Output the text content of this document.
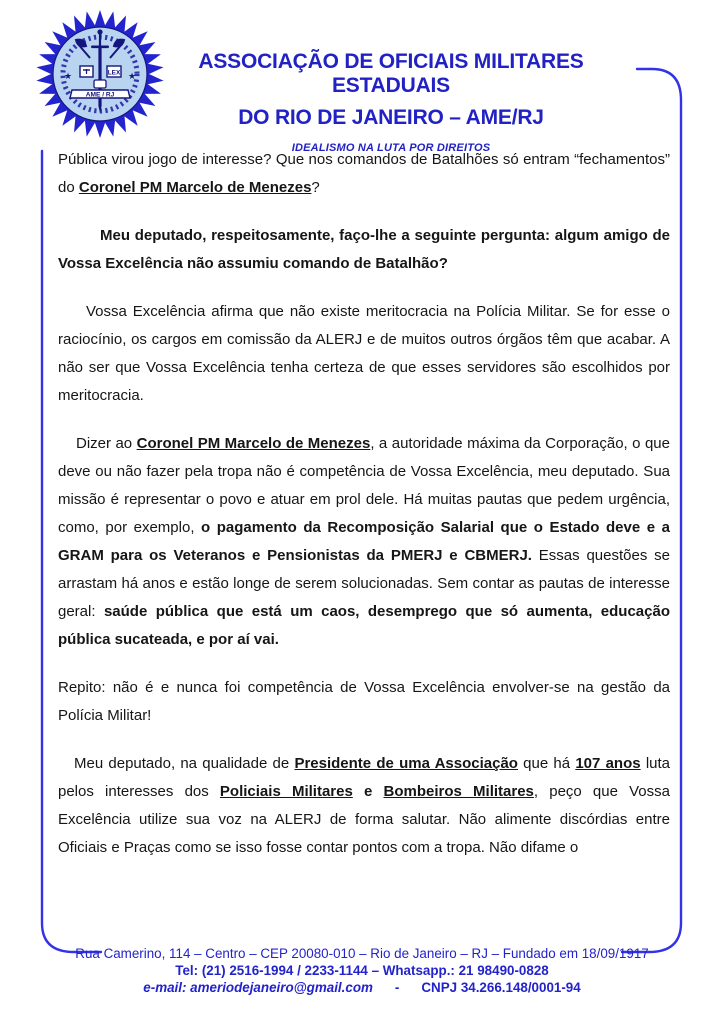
★	★
LEX
AME / RJ
ASSOCIAÇÃO DE OFICIAIS MILITARES ESTADUAIS
DO RIO DE JANEIRO – AME/RJ
IDEALISMO NA LUTA POR DIREITOS

Pública virou jogo de interesse? Que nos comandos de Batalhões só entram “fechamentos” do Coronel PM Marcelo de Menezes?

Meu deputado, respeitosamente, faço-lhe a seguinte pergunta: algum amigo de Vossa Excelência não assumiu comando de Batalhão?

Vossa Excelência afirma que não existe meritocracia na Polícia Militar. Se for esse o raciocínio, os cargos em comissão da ALERJ e de muitos outros órgãos têm que acabar. A não ser que Vossa Excelência tenha certeza de que esses servidores são escolhidos por meritocracia.

Dizer ao Coronel PM Marcelo de Menezes, a autoridade máxima da Corporação, o que deve ou não fazer pela tropa não é competência de Vossa Excelência, meu deputado. Sua missão é representar o povo e atuar em prol dele. Há muitas pautas que pedem urgência, como, por exemplo, o pagamento da Recomposição Salarial que o Estado deve e a GRAM para os Veteranos e Pensionistas da PMERJ e CBMERJ. Essas questões se arrastam há anos e estão longe de serem solucionadas. Sem contar as pautas de interesse geral: saúde pública que está um caos, desemprego que só aumenta, educação pública sucateada, e por aí vai.

Repito: não é e nunca foi competência de Vossa Excelência envolver-se na gestão da Polícia Militar!

Meu deputado, na qualidade de Presidente de uma Associação que há 107 anos luta pelos interesses dos Policiais Militares e Bombeiros Militares, peço que Vossa Excelência utilize sua voz na ALERJ de forma salutar. Não alimente discórdias entre Oficiais e Praças como se isso fosse contar pontos com a tropa. Não difame o

Rua Camerino, 114 – Centro – CEP 20080-010 – Rio de Janeiro – RJ – Fundado em 18/09/1917
Tel: (21) 2516-1994 / 2233-1144 – Whatsapp.: 21 98490-0828
e-mail: ameriodejaneiro@gmail.com - CNPJ 34.266.148/0001-94
